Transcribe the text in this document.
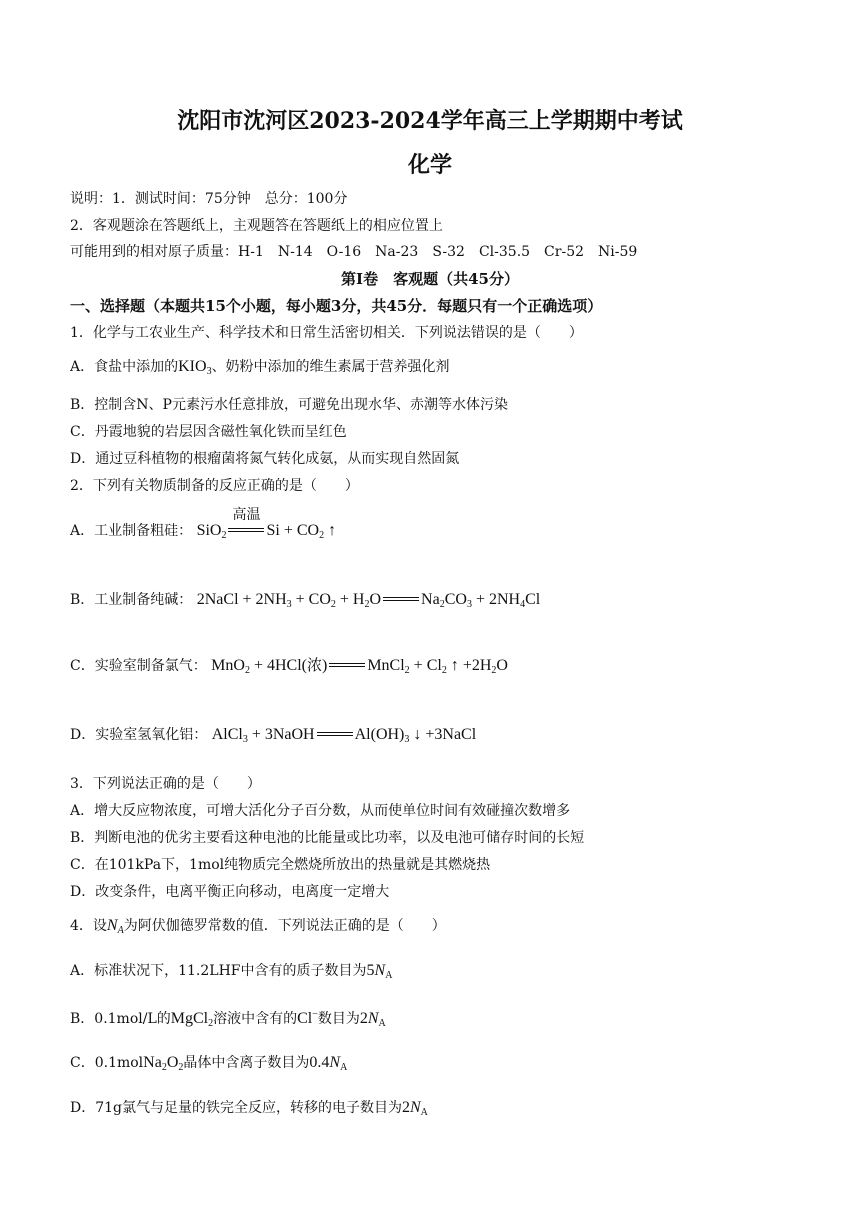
沈阳市沈河区2023-2024学年高三上学期期中考试
化学
说明：1．测试时间：75分钟　总分：100分
2．客观题涂在答题纸上，主观题答在答题纸上的相应位置上
可能用到的相对原子质量：H-1　N-14　O-16　Na-23　S-32　Cl-35.5　Cr-52　Ni-59
第Ⅰ卷　客观题（共45分）
一、选择题（本题共15个小题，每小题3分，共45分．每题只有一个正确选项）
1．化学与工农业生产、科学技术和日常生活密切相关．下列说法错误的是（　　）
A．食盐中添加的$KIO_3$、奶粉中添加的维生素属于营养强化剂
B．控制含N、P元素污水任意排放，可避免出现水华、赤潮等水体污染
C．丹霞地貌的岩层因含磁性氧化铁而呈红色
D．通过豆科植物的根瘤菌将氮气转化成氨，从而实现自然固氮
2．下列有关物质制备的反应正确的是（　　）
A．工业制备粗硅： SiO$_2$
高温
$Si + CO_2$ ↑
B．工业制备纯碱： 2NaCl + $2NH_3 + CO_2 + H_2O$	$Na_2CO_3 + 2NH_4Cl$
C．实验室制备氯气： MnO$_2$ + 4HCl(浓)	MnCl$_2$ + $Cl_2$ ↑ $+2H_2O$
D．实验室氢氧化铝： AlCl$_3$ + 3NaOH	$Al(OH)_3$ ↓ +3NaCl
3．下列说法正确的是（　　）
A．增大反应物浓度，可增大活化分子百分数，从而使单位时间有效碰撞次数增多
B．判断电池的优劣主要看这种电池的比能量或比功率，以及电池可储存时间的长短
C．在101kPa下，1mol纯物质完全燃烧所放出的热量就是其燃烧热
D．改变条件，电离平衡正向移动，电离度一定增大
4．设$N_A$为阿伏伽德罗常数的值．下列说法正确的是（　　）
A．标准状况下，11.2LHF中含有的质子数目为$5N_A$
B．0.1mol/L的MgCl$_2$溶液中含有的Cl−数目为$2N_A$
C．$0.1molNa_2O_2$晶体中含离子数目为$0.4N_A$
D．71g氯气与足量的铁完全反应，转移的电子数目为$2N_A$
